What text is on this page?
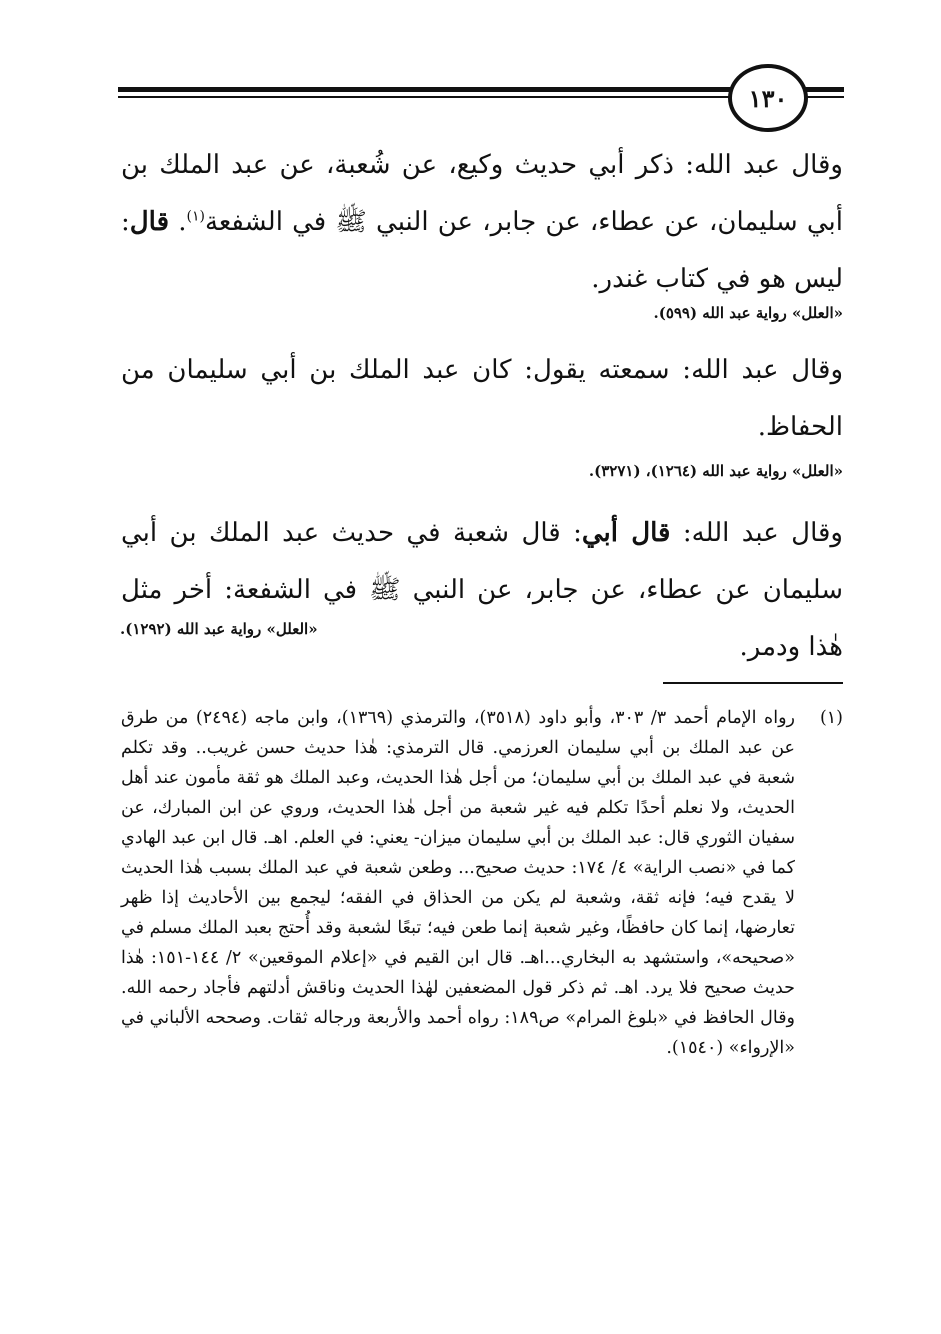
١٣٠

وقال عبد الله: ذكر أبي حديث وكيع، عن شُعبة، عن عبد الملك بن أبي سليمان، عن عطاء، عن جابر، عن النبي ﷺ في الشفعة$^{(١)}$. قال: ليس هو في كتاب غندر.

«العلل» رواية عبد الله (٥٩٩).

وقال عبد الله: سمعته يقول: كان عبد الملك بن أبي سليمان من الحفاظ.

«العلل» رواية عبد الله (١٢٦٤)، (٣٢٧١).

وقال عبد الله: قال أبي: قال شعبة في حديث عبد الملك بن أبي سليمان عن عطاء، عن جابر، عن النبي ﷺ في الشفعة: أخر مثل هٰذا ودمر.

«العلل» رواية عبد الله (١٢٩٢).

(١)

رواه الإمام أحمد ٣/ ٣٠٣، وأبو داود (٣٥١٨)، والترمذي (١٣٦٩)، وابن ماجه (٢٤٩٤) من طرق عن عبد الملك بن أبي سليمان العرزمي. قال الترمذي: هٰذا حديث حسن غريب.. وقد تكلم شعبة في عبد الملك بن أبي سليمان؛ من أجل هٰذا الحديث، وعبد الملك هو ثقة مأمون عند أهل الحديث، ولا نعلم أحدًا تكلم فيه غير شعبة من أجل هٰذا الحديث، وروي عن ابن المبارك، عن سفيان الثوري قال: عبد الملك بن أبي سليمان ميزان- يعني: في العلم. اهـ. قال ابن عبد الهادي كما في «نصب الراية» ٤/ ١٧٤: حديث صحيح... وطعن شعبة في عبد الملك بسبب هٰذا الحديث لا يقدح فيه؛ فإنه ثقة، وشعبة لم يكن من الحذاق في الفقه؛ ليجمع بين الأحاديث إذا ظهر تعارضها، إنما كان حافظًا، وغير شعبة إنما طعن فيه؛ تبعًا لشعبة وقد أُحتج بعبد الملك مسلم في «صحيحه»، واستشهد به البخاري...اهـ. قال ابن القيم في «إعلام الموقعين» ٢/ ١٤٤-١٥١: هٰذا حديث صحيح فلا يرد. اهـ. ثم ذكر قول المضعفين لهٰذا الحديث وناقش أدلتهم فأجاد رحمه الله. وقال الحافظ في «بلوغ المرام» ص١٨٩: رواه أحمد والأربعة ورجاله ثقات. وصححه الألباني في «الإرواء» (١٥٤٠).
